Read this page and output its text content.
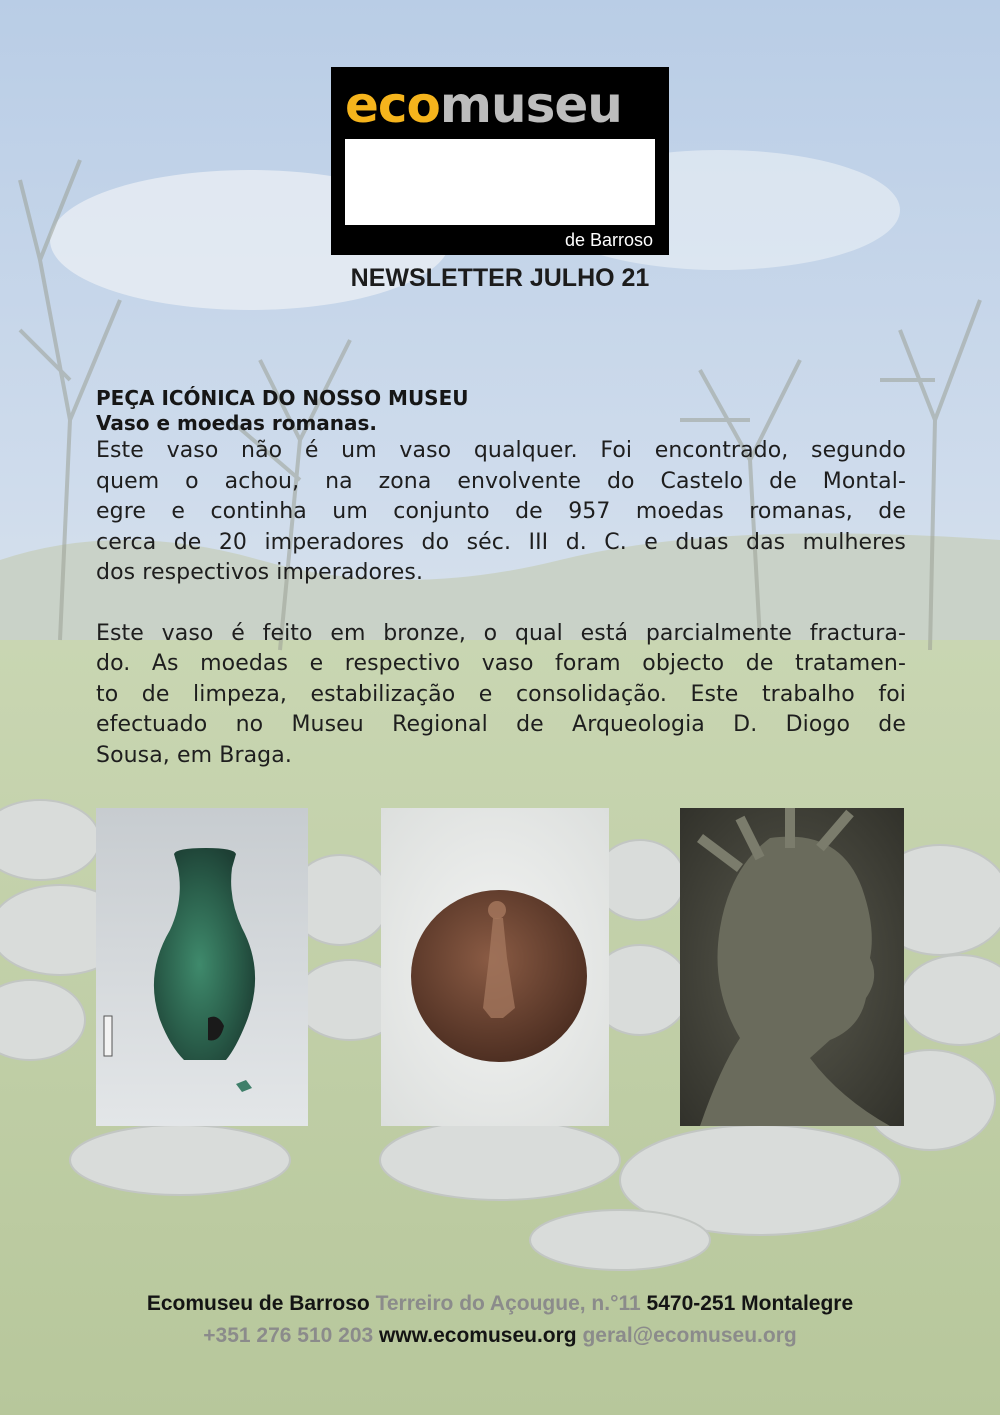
ecomuseu
de Barroso
NEWSLETTER JULHO 21
PEÇA ICÓNICA DO NOSSO MUSEU
Vaso e moedas romanas.

Este vaso não é um vaso qualquer. Foi encontrado, segundo
quem o achou, na zona envolvente do Castelo de Montal-
egre e continha um conjunto de 957 moedas romanas, de
cerca de 20 imperadores do séc. III d. C. e duas das mulheres
dos respectivos imperadores.

Este vaso é feito em bronze, o qual está parcialmente fractura-
do. As moedas e respectivo vaso foram objecto de tratamen-
to de limpeza, estabilização e consolidação. Este trabalho foi
efectuado no Museu Regional de Arqueologia D. Diogo de
Sousa, em Braga.

Ecomuseu de Barroso Terreiro do Açougue, n.°11 5470-251 Montalegre
+351 276 510 203 www.ecomuseu.org geral@ecomuseu.org
